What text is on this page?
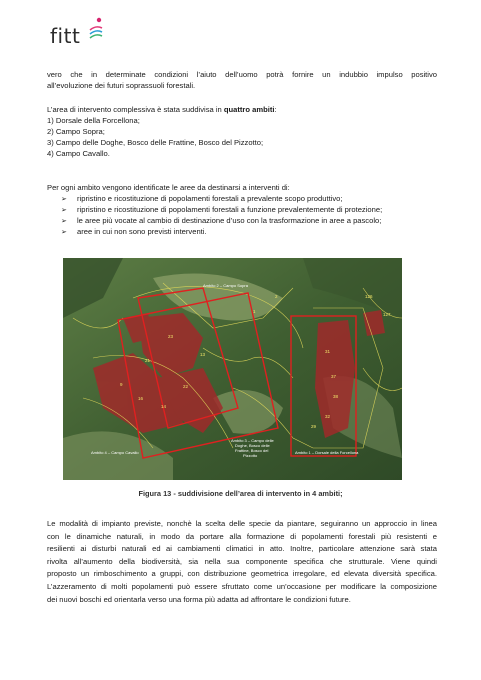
fitt
vero che in determinate condizioni l’aiuto dell’uomo potrà fornire un indubbio impulso positivo
all’evoluzione dei futuri soprassuoli forestali.
L’area di intervento complessiva è stata suddivisa in quattro ambiti:
1) Dorsale della Forcellona;
2) Campo Sopra;
3) Campo delle Doghe, Bosco delle Frattine, Bosco del Pizzotto;
4) Campo Cavallo.
Per ogni ambito vengono identificate le aree da destinarsi a interventi di:
➢ ripristino e ricostituzione di popolamenti forestali a prevalente scopo produttivo;
➢ ripristino e ricostituzione di popolamenti forestali a funzione prevalentemente di protezione;
➢ le aree più vocate al cambio di destinazione d’uso con la trasformazione in aree a pascolo;
➢ aree in cui non sono previsti interventi.
23
21
9
16
14
22
13
31
37
38
32
29
126
127
1
2
Ambito 2 – Campo Sopra
Ambito 3 – Campo delle
Doghe, Bosco delle
Frattine, Bosco del
Pizzotto
Ambito 1 – Dorsale della Forcellona
Ambito 4 – Campo Cavallo
Figura 13 - suddivisione dell’area di intervento in 4 ambiti;
Le modalità di impianto previste, nonchè la scelta delle specie da piantare, seguiranno un approccio in linea
con le dinamiche naturali, in modo da portare alla formazione di popolamenti forestali più resistenti e
resilienti ai disturbi naturali ed ai cambiamenti climatici in atto. Inoltre, particolare attenzione sarà stata
rivolta all’aumento della biodiversità, sia nella sua componente specifica che strutturale. Viene quindi
proposto un rimboschimento a gruppi, con distribuzione geometrica irregolare, ed elevata diversità specifica.
L’azzeramento di molti popolamenti può essere sfruttato come un’occasione per modificare la composizione
dei nuovi boschi ed orientarla verso una forma più adatta ad affrontare le condizioni future.
